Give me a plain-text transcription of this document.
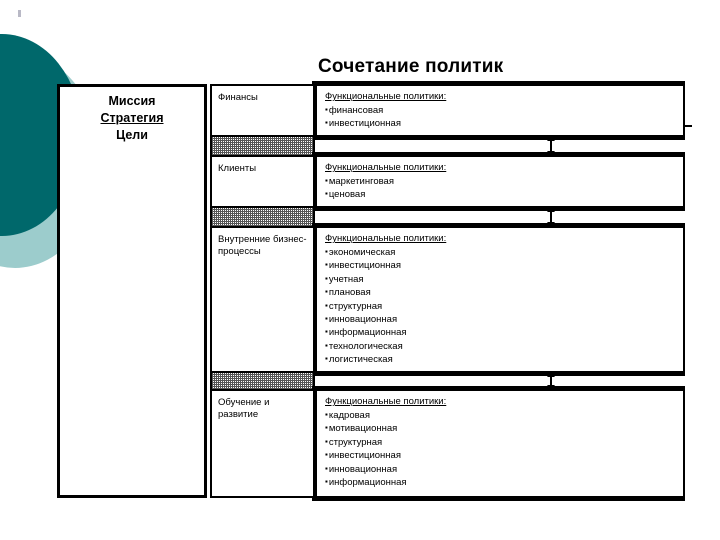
Сочетание политик
Миссия
Стратегия
Цели
Финансы	Функциональные политики:
▪финансовая
▪инвестиционная
Клиенты	Функциональные политики:
▪маркетинговая
▪ценовая
Внутренние бизнес-процессы
Функциональные политики:
▪экономическая
▪инвестиционная
▪учетная
▪плановая
▪структурная
▪инновационная
▪информационная
▪технологическая
▪логистическая
Обучение и развитие
Функциональные политики:
▪кадровая
▪мотивационная
▪структурная
▪инвестиционная
▪инновационная
▪информационная
